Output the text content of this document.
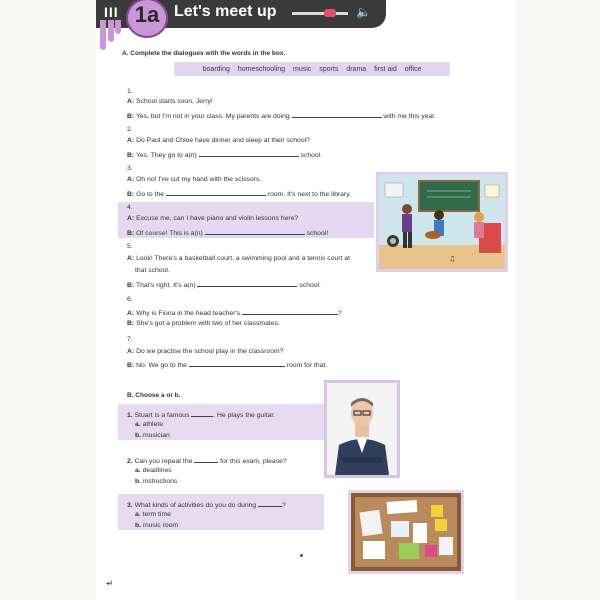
III	Let's meet up	🔈
1a
A. Complete the dialogues with the words in the box.
boarding homeschooling music sports drama first aid office
1.
A: School starts soon, Jerry!
B: Yes, but I'm not in your class. My parents are doing	with me this year.
2.
A: Do Paul and Chloe have dinner and sleep at their school?
B: Yes. They go to a(n)	school.
3.
A: Oh no! I've cut my hand with the scissors.
B: Go to the	room. It's next to the library.
4.
A: Excuse me, can I have piano and violin lessons here?
B: Of course! This is a(n)	school!
5.
A: Look! There's a basketball court, a swimming pool and a tennis court at
that school.
B: That's right. It's a(n)	school.
6.
A: Why is Fiona in the head teacher's	?
B: She's got a problem with two of her classmates.
7.
A: Do we practise the school play in the classroom?
B: No. We go to the	room for that.
♫
B. Choose a or b.
1. Stuart is a famous	. He plays the guitar.
a. athlete
b. musician
2. Can you repeat the	for this exam, please?
a. deadlines
b. instructions
3. What kinds of activities do you do during	?
a. term time
b. music room
◂4
